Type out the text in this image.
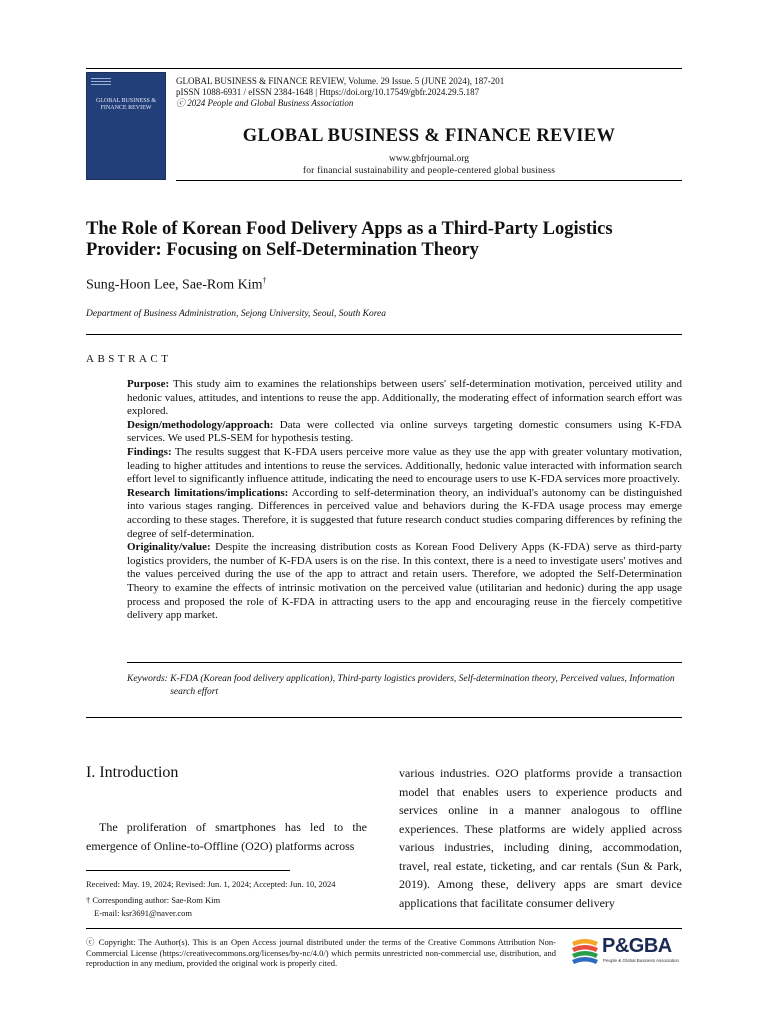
GLOBAL BUSINESS & FINANCE REVIEW
GLOBAL BUSINESS & FINANCE REVIEW, Volume. 29 Issue. 5 (JUNE 2024), 187-201
pISSN 1088-6931 / eISSN 2384-1648 | Https://doi.org/10.17549/gbfr.2024.29.5.187
ⓒ 2024 People and Global Business Association
GLOBAL BUSINESS & FINANCE REVIEW
www.gbfrjournal.org
for financial sustainability and people-centered global business
The Role of Korean Food Delivery Apps as a Third-Party Logistics Provider: Focusing on Self-Determination Theory
Sung-Hoon Lee, Sae-Rom Kim†
Department of Business Administration, Sejong University, Seoul, South Korea
ABSTRACT

Purpose: This study aim to examines the relationships between users' self-determination motivation, perceived utility and hedonic values, attitudes, and intentions to reuse the app. Additionally, the moderating effect of information search effort was explored.

Design/methodology/approach: Data were collected via online surveys targeting domestic consumers using K-FDA services. We used PLS-SEM for hypothesis testing.

Findings: The results suggest that K-FDA users perceive more value as they use the app with greater voluntary motivation, leading to higher attitudes and intentions to reuse the services. Additionally, hedonic value interacted with information search effort level to significantly influence attitude, indicating the need to encourage users to use K-FDA services more proactively.

Research limitations/implications: According to self-determination theory, an individual's autonomy can be distinguished into various stages ranging. Differences in perceived value and behaviors during the K-FDA usage process may emerge according to these stages. Therefore, it is suggested that future research conduct studies comparing differences by refining the degree of self-determination.

Originality/value: Despite the increasing distribution costs as Korean Food Delivery Apps (K-FDA) serve as third-party logistics providers, the number of K-FDA users is on the rise. In this context, there is a need to investigate users' motives and the values perceived during the use of the app to attract and retain users. Therefore, we adopted the Self-Determination Theory to examine the effects of intrinsic motivation on the perceived value (utilitarian and hedonic) during the app usage process and proposed the role of K-FDA in attracting users to the app and encouraging reuse in the fiercely competitive delivery app market.

Keywords: K-FDA (Korean food delivery application), Third-party logistics providers, Self-determination theory, Perceived values, Information search effort
I. Introduction

The proliferation of smartphones has led to the emergence of Online-to-Offline (O2O) platforms across

various industries. O2O platforms provide a transaction model that enables users to experience products and services online in a manner analogous to offline experiences. These platforms are widely applied across various industries, including dining, accommodation, travel, real estate, ticketing, and car rentals (Sun & Park, 2019). Among these, delivery apps are smart device applications that facilitate consumer delivery

Received: May. 19, 2024; Revised: Jun. 1, 2024; Accepted: Jun. 10, 2024
† Corresponding author: Sae-Rom Kim
E-mail: ksr3691@naver.com
ⓒ Copyright: The Author(s). This is an Open Access journal distributed under the terms of the Creative Commons Attribution Non-Commercial License (https://creativecommons.org/licenses/by-nc/4.0/) which permits unrestricted non-commercial use, distribution, and reproduction in any medium, provided the original work is properly cited.
P&GBA
People & Global Business Association
